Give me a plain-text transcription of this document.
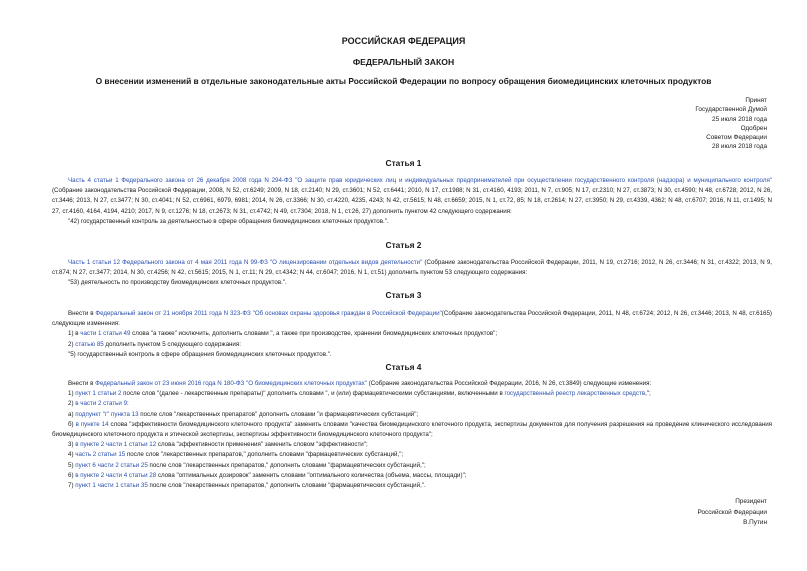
РОССИЙСКАЯ ФЕДЕРАЦИЯ
ФЕДЕРАЛЬНЫЙ ЗАКОН
О внесении изменений в отдельные законодательные акты Российской Федерации по вопросу обращения биомедицинских клеточных продуктов
Принят
Государственной Думой
25 июля 2018 года
Одобрен
Советом Федерации
28 июля 2018 года
Статья 1

Часть 4 статьи 1 Федерального закона от 26 декабря 2008 года N 294-ФЗ "О защите прав юридических лиц и индивидуальных предпринимателей при осуществлении государственного контроля (надзора) и муниципального контроля" (Собрание законодательства Российской Федерации, 2008, N 52, ст.6249; 2009, N 18, ст.2140; N 29, ст.3601; N 52, ст.6441; 2010, N 17, ст.1988; N 31, ст.4160, 4193; 2011, N 7, ст.905; N 17, ст.2310; N 27, ст.3873; N 30, ст.4590; N 48, ст.6728; 2012, N 26, ст.3446; 2013, N 27, ст.3477; N 30, ст.4041; N 52, ст.6961, 6979, 6981; 2014, N 26, ст.3366; N 30, ст.4220, 4235, 4243; N 42, ст.5615; N 48, ст.6659; 2015, N 1, ст.72, 85; N 18, ст.2614; N 27, ст.3950; N 29, ст.4339, 4362; N 48, ст.6707; 2016, N 11, ст.1495; N 27, ст.4160, 4164, 4194, 4210; 2017, N 9, ст.1276; N 18, ст.2673; N 31, ст.4742; N 49, ст.7304; 2018, N 1, ст.26, 27) дополнить пунктом 42 следующего содержания:

"42) государственный контроль за деятельностью в сфере обращения биомедицинских клеточных продуктов.".

Статья 2

Часть 1 статьи 12 Федерального закона от 4 мая 2011 года N 99-ФЗ "О лицензировании отдельных видов деятельности" (Собрание законодательства Российской Федерации, 2011, N 19, ст.2716; 2012, N 26, ст.3446; N 31, ст.4322; 2013, N 9, ст.874; N 27, ст.3477; 2014, N 30, ст.4256; N 42, ст.5615; 2015, N 1, ст.11; N 29, ст.4342; N 44, ст.6047; 2016, N 1, ст.51) дополнить пунктом 53 следующего содержания:

"53) деятельность по производству биомедицинских клеточных продуктов.".

Статья 3

Внести в Федеральный закон от 21 ноября 2011 года N 323-ФЗ "Об основах охраны здоровья граждан в Российской Федерации"(Собрание законодательства Российской Федерации, 2011, N 48, ст.6724; 2012, N 26, ст.3446; 2013, N 48, ст.6165) следующие изменения:

1) в части 1 статьи 49 слова "а также" исключить, дополнить словами ", а также при производстве, хранении биомедицинских клеточных продуктов";

2) статью 85 дополнить пунктом 5 следующего содержания:

"5) государственный контроль в сфере обращения биомедицинских клеточных продуктов.".

Статья 4

Внести в Федеральный закон от 23 июня 2016 года N 180-ФЗ "О биомедицинских клеточных продуктах" (Собрание законодательства Российской Федерации, 2016, N 26, ст.3849) следующие изменения:

1) пункт 1 статьи 2 после слов "(далее - лекарственные препараты)" дополнить словами ", и (или) фармацевтическими субстанциями, включенными в государственный реестр лекарственных средств,";

2) в части 2 статьи 9:

а) подпункт "г" пункта 13 после слов "лекарственных препаратов" дополнить словами "и фармацевтических субстанций";

б) в пункте 14 слова "эффективности биомедицинского клеточного продукта" заменить словами "качества биомедицинского клеточного продукта, экспертизы документов для получения разрешения на проведение клинического исследования биомедицинского клеточного продукта и этической экспертизы, экспертизы эффективности биомедицинского клеточного продукта";

3) в пункте 2 части 1 статьи 12 слова "эффективности применения" заменить словом "эффективности";

4) часть 2 статьи 15 после слов "лекарственных препаратов," дополнить словами "фармацевтических субстанций,";

5) пункт 6 части 2 статьи 25 после слов "лекарственных препаратов," дополнить словами "фармацевтических субстанций,";

6) в пункте 2 части 4 статьи 28 слова "оптимальных дозировок" заменить словами "оптимального количества (объема, массы, площади)";

7) пункт 1 части 1 статьи 35 после слов "лекарственных препаратов," дополнить словами "фармацевтических субстанций,".

Президент
Российской Федерации
В.Путин
